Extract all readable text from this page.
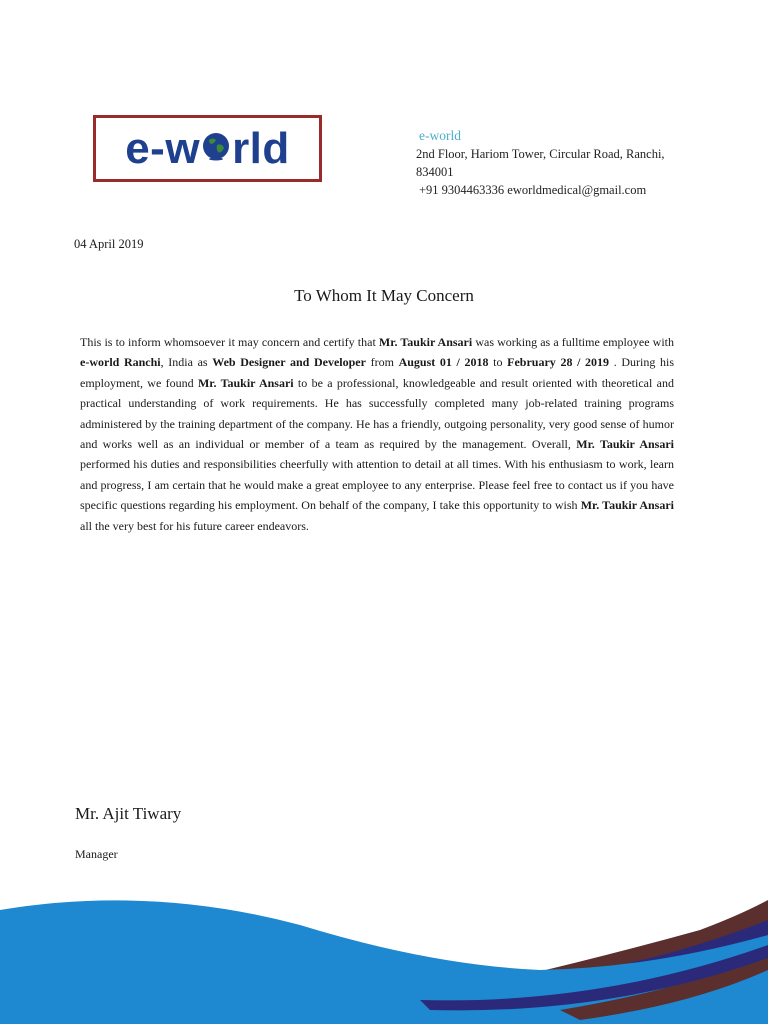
e-w rld	e-world
2nd Floor, Hariom Tower, Circular Road, Ranchi,
834001
+91 9304463336 eworldmedical@gmail.com
04 April 2019
To Whom It May Concern
This is to inform whomsoever it may concern and certify that Mr. Taukir Ansari was working as a fulltime employee with e-world Ranchi, India as Web Designer and Developer from August 01 / 2018 to February 28 / 2019 . During his employment, we found Mr. Taukir Ansari to be a professional, knowledgeable and result oriented with theoretical and practical understanding of work requirements. He has successfully completed many job-related training programs administered by the training department of the company. He has a friendly, outgoing personality, very good sense of humor and works well as an individual or member of a team as required by the management. Overall, Mr. Taukir Ansari performed his duties and responsibilities cheerfully with attention to detail at all times. With his enthusiasm to work, learn and progress, I am certain that he would make a great employee to any enterprise. Please feel free to contact us if you have specific questions regarding his employment. On behalf of the company, I take this opportunity to wish Mr. Taukir Ansari all the very best for his future career endeavors.
Mr. Ajit Tiwary
Manager
